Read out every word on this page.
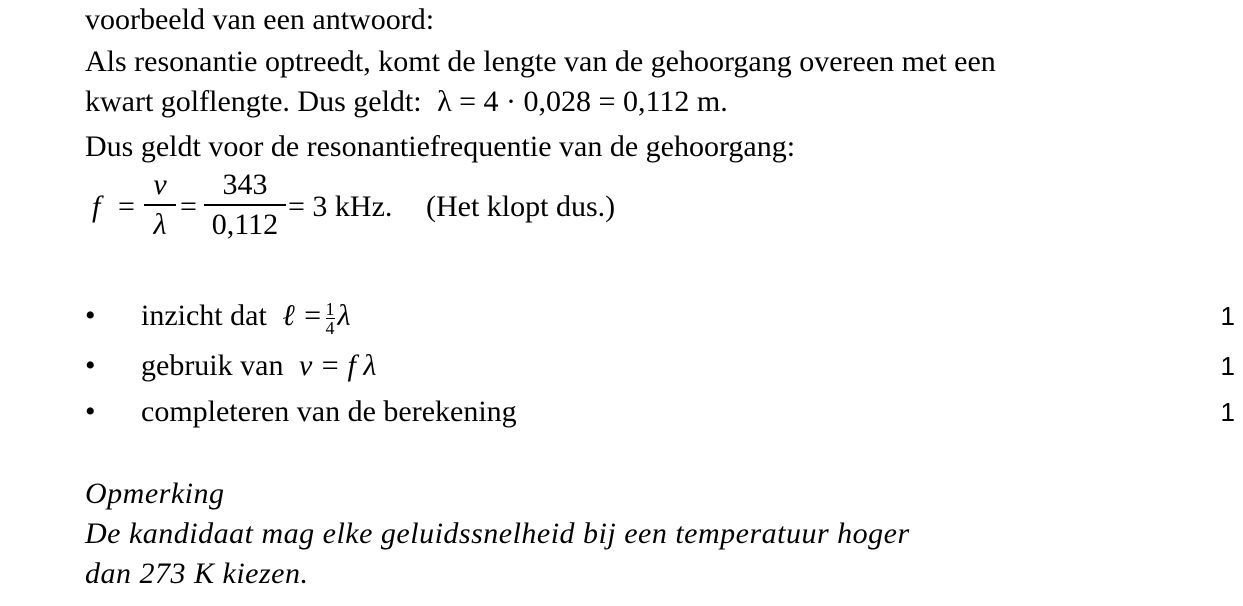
voorbeeld van een antwoord:
Als resonantie optreedt, komt de lengte van de gehoorgang overeen met een
kwart golflengte. Dus geldt: λ = 4 · 0,028 = 0,112 m.
Dus geldt voor de resonantiefrequentie van de gehoorgang:
f =
v
λ
=
343
0,112
= 3 kHz. (Het klopt dus.)
• inzicht dat ℓ = $\frac{1}{4}$ λ	1
• gebruik van v = f λ	1
• completeren van de berekening	1
Opmerking
De kandidaat mag elke geluidssnelheid bij een temperatuur hoger
dan 273 K kiezen.
